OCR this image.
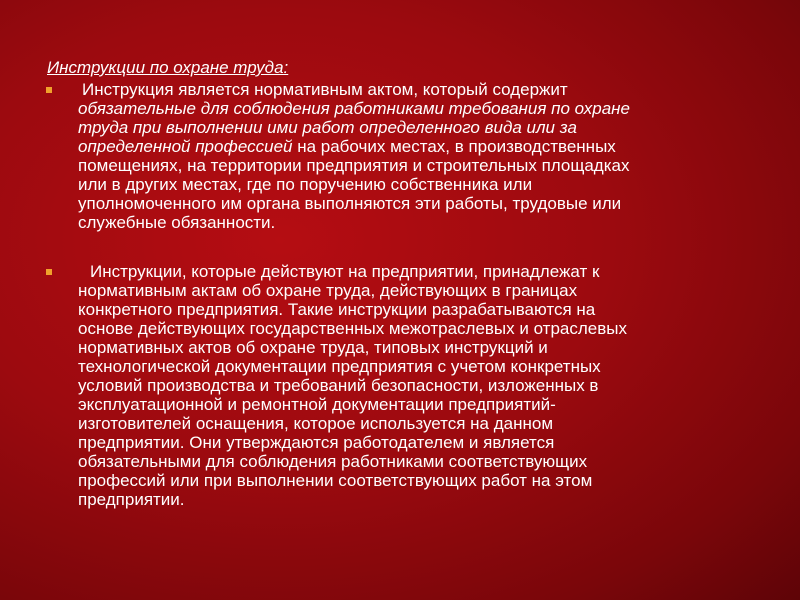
Инструкции по охране труда:
Инструкция является нормативным актом, который содержит
обязательные для соблюдения работниками требования по охране
труда при выполнении ими работ определенного вида или за
определенной профессией на рабочих местах, в производственных
помещениях, на территории предприятия и строительных площадках
или в других местах, где по поручению собственника или
уполномоченного им органа выполняются эти работы, трудовые или
служебные обязанности.
Инструкции, которые действуют на предприятии, принадлежат к
нормативным актам об охране труда, действующих в границах
конкретного предприятия. Такие инструкции разрабатываются на
основе действующих государственных межотраслевых и отраслевых
нормативных актов об охране труда, типовых инструкций и
технологической документации предприятия с учетом конкретных
условий производства и требований безопасности, изложенных в
эксплуатационной и ремонтной документации предприятий-
изготовителей оснащения, которое используется на данном
предприятии. Они утверждаются работодателем и является
обязательными для соблюдения работниками соответствующих
профессий или при выполнении соответствующих работ на этом
предприятии.
